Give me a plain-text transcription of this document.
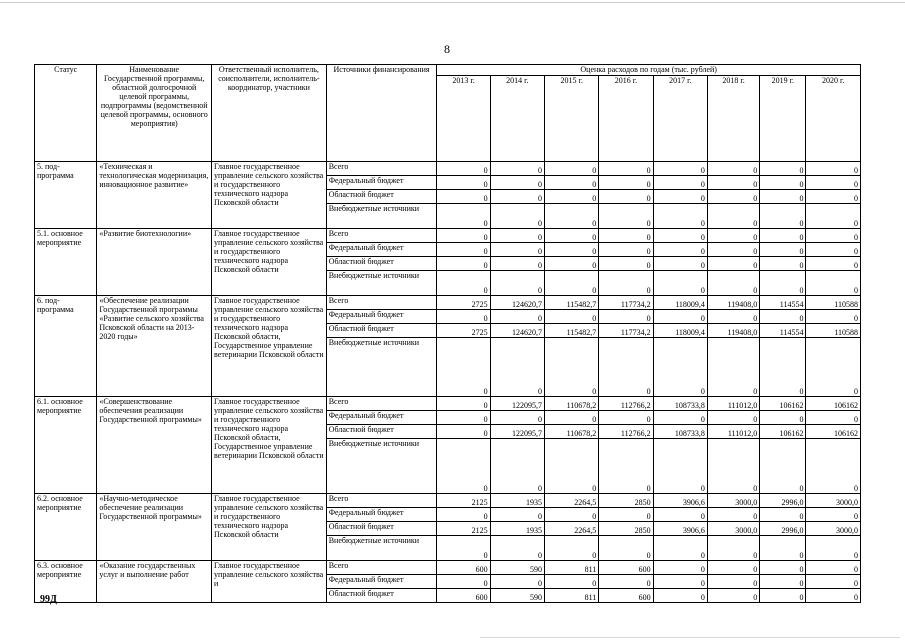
8
Статус	Наименование Государственной программы, областной долгосрочной целевой программы, подпрограммы (ведомственной целевой программы, основного мероприятия)	Ответственный исполнитель, соисполнители, исполнитель-координатор, участники	Источники финансирования	Оценка расходов по годам (тыс. рублей)							
				2013 г.	2014 г.	2015 г.	2016 г.	2017 г.	2018 г.	2019 г.	2020 г.
5. под-программа	«Техническая и технологическая модернизация, инновационное развитие»	Главное государственное управление сельского хозяйства и государственного технического надзора Псковской области	Всего	0	0	0	0	0	0	0	0
			Федеральный бюджет	0	0	0	0	0	0	0	0
			Областной бюджет	0	0	0	0	0	0	0	0
			Внебюджетные источники	0	0	0	0	0	0	0	0
5.1. основное мероприятие	«Развитие биотехнологии»	Главное государственное управление сельского хозяйства и государственного технического надзора Псковской области	Всего	0	0	0	0	0	0	0	0
			Федеральный бюджет	0	0	0	0	0	0	0	0
			Областной бюджет	0	0	0	0	0	0	0	0
			Внебюджетные источники	0	0	0	0	0	0	0	0
6. под-программа	«Обеспечение реализации Государственной программы «Развитие сельского хозяйства Псковской области на 2013-2020 годы»	Главное государственное управление сельского хозяйства и государственного технического надзора Псковской области, Государственное управление ветеринарии Псковской области	Всего	2725	124620,7	115482,7	117734,2	118009,4	119408,0	114554	110588
			Федеральный бюджет	0	0	0	0	0	0	0	0
			Областной бюджет	2725	124620,7	115482,7	117734,2	118009,4	119408,0	114554	110588
			Внебюджетные источники	0	0	0	0	0	0	0	0
6.1. основное мероприятие	«Совершенствование обеспечения реализации Государственной программы»	Главное государственное управление сельского хозяйства и государственного технического надзора Псковской области, Государственное управление ветеринарии Псковской области	Всего	0	122095,7	110678,2	112766,2	108733,8	111012,0	106162	106162
			Федеральный бюджет	0	0	0	0	0	0	0	0
			Областной бюджет	0	122095,7	110678,2	112766,2	108733,8	111012,0	106162	106162
			Внебюджетные источники	0	0	0	0	0	0	0	0
6.2. основное мероприятие	«Научно-методическое обеспечение реализации Государственной программы»	Главное государственное управление сельского хозяйства и государственного технического надзора Псковской области	Всего	2125	1935	2264,5	2850	3906,6	3000,0	2996,0	3000,0
			Федеральный бюджет	0	0	0	0	0	0	0	0
			Областной бюджет	2125	1935	2264,5	2850	3906,6	3000,0	2996,0	3000,0
			Внебюджетные источники	0	0	0	0	0	0	0	0
6.3. основное мероприятие	«Оказание государственных услуг и выполнение работ	Главное государственное управление сельского хозяйства и	Всего	600	590	811	600	0	0	0	0
			Федеральный бюджет	0	0	0	0	0	0	0	0
			Областной бюджет	600	590	811	600	0	0	0	0
99Д
